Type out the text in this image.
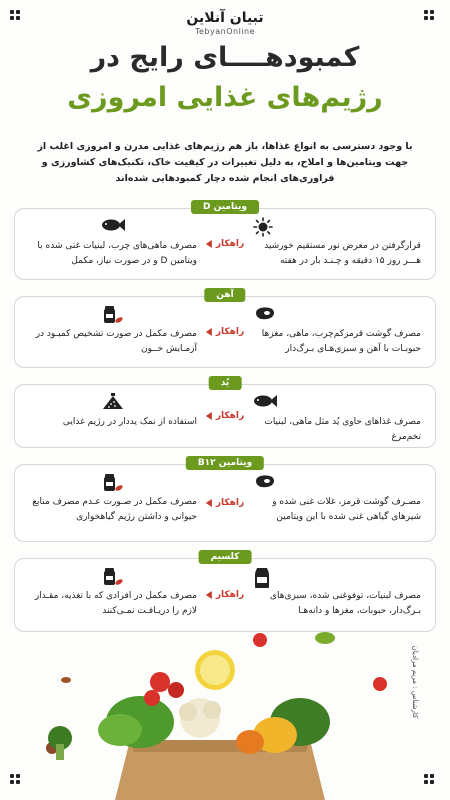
تبیان آنلاین
TebyanOnline
کمبودهــــای رایج در
رژیم‌های غذایی امروزی
با وجود دسترسی به انواع غذاها، باز هم رژیم‌های غذایی مدرن و امروزی اغلب از جهت ویتامین‌ها و املاح، به دلیل تغییرات در کیفیت خاک، تکنیک‌های کشاورزی و فراوری‌های انجام شده دچار کمبودهایی شده‌اند
ویتامین D
قرارگرفتن در معرض نور مستقیم خورشید هـــر روز ۱۵ دقیقه و چـنـد بار در هفته
راهکار
مصرف ماهی‌های چرب، لبنیات غنی شده با ویتامین D و در صورت نیاز، مکمل
آهن
مصرف گوشت قرمزکم‌چرب، ماهی، مغزها حبوبـات با آهن و سبزی‌هـای بـرگ‌دار
راهکار
مصرف مکمل در صورت تشخیص کمبـود در آزمـایش خــون
یُد
مصرف غذاهای حاوی یُد مثل ماهی، لبنیات تخم‌مرغ
راهکار
استفاده از نمک یددار در رژیم غذایی
ویتامین B۱۲
مصـرف گوشت قرمز، غلات غنی شده و شیرهای گیاهی غنی شده با این ویتامین
راهکار
مصرف مکمل در صـورت عـدم مصرف منابع حیوانی و داشتن رژیم گیاهخواری
کلسیم
مصرف لبنیات، توفوغنی شده، سبزی‌های بـرگ‌دار، حبوبات، مغزها و دانه‌هـا
راهکار
مصرف مکمل در افرادی که با تغذیه، مقـدار لازم را دریـافـت نمـی‌کنند
کارشناس : مریم مرادیان
